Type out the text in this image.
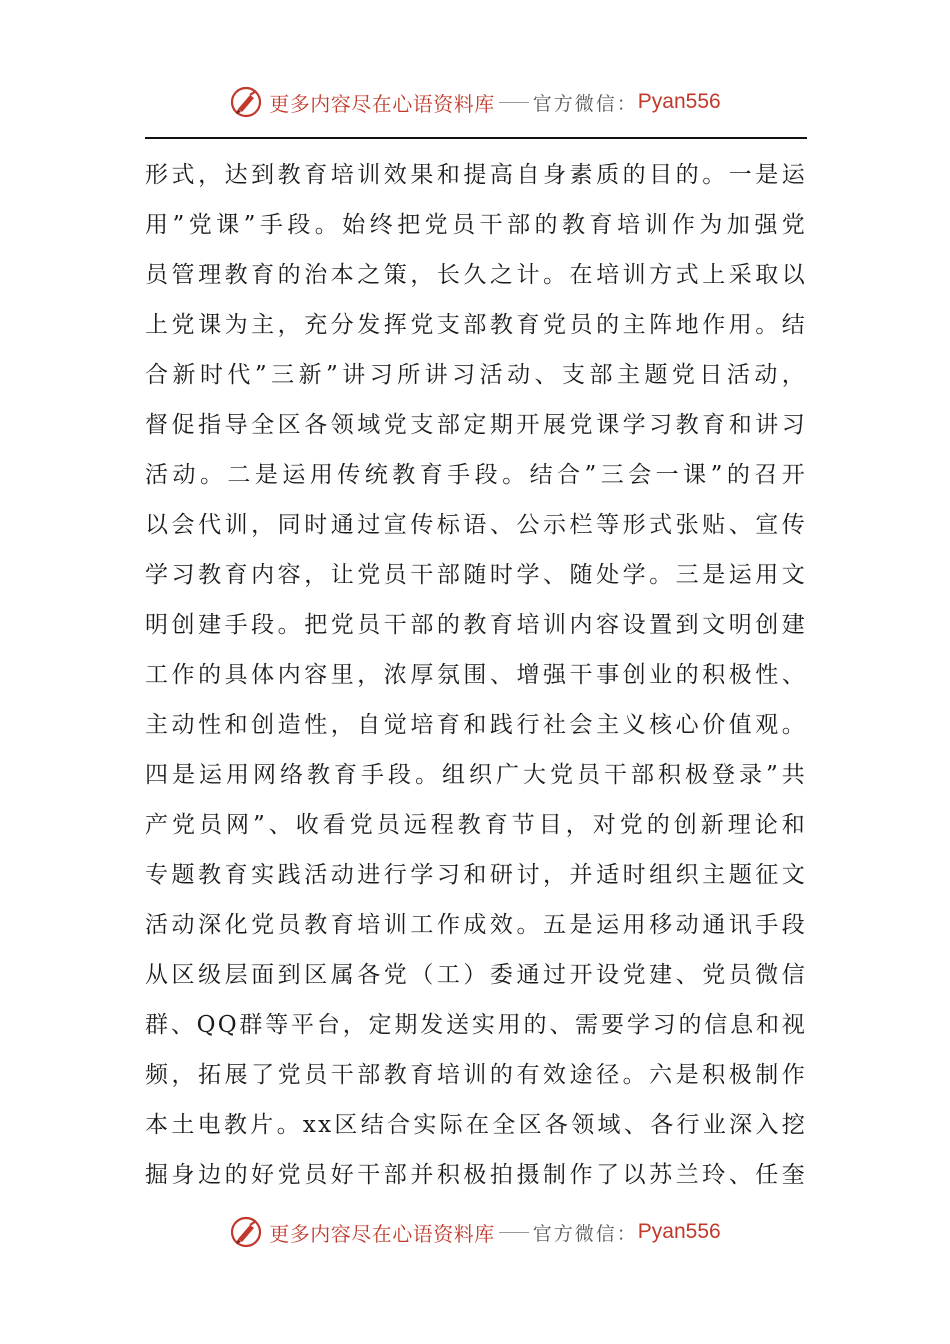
更多内容尽在心语资料库 官方微信： Pyan556
形式，达到教育培训效果和提高自身素质的目的。一是运
用”党课”手段。始终把党员干部的教育培训作为加强党
员管理教育的治本之策，长久之计。在培训方式上采取以
上党课为主，充分发挥党支部教育党员的主阵地作用。结
合新时代”三新”讲习所讲习活动、支部主题党日活动，
督促指导全区各领域党支部定期开展党课学习教育和讲习
活动。二是运用传统教育手段。结合”三会一课”的召开
以会代训，同时通过宣传标语、公示栏等形式张贴、宣传
学习教育内容，让党员干部随时学、随处学。三是运用文
明创建手段。把党员干部的教育培训内容设置到文明创建
工作的具体内容里，浓厚氛围、增强干事创业的积极性、
主动性和创造性，自觉培育和践行社会主义核心价值观。
四是运用网络教育手段。组织广大党员干部积极登录”共
产党员网”、收看党员远程教育节目，对党的创新理论和
专题教育实践活动进行学习和研讨，并适时组织主题征文
活动深化党员教育培训工作成效。五是运用移动通讯手段
从区级层面到区属各党（工）委通过开设党建、党员微信
群、QQ群等平台，定期发送实用的、需要学习的信息和视
频，拓展了党员干部教育培训的有效途径。六是积极制作
本土电教片。xx区结合实际在全区各领域、各行业深入挖
掘身边的好党员好干部并积极拍摄制作了以苏兰玲、任奎
更多内容尽在心语资料库 官方微信： Pyan556
